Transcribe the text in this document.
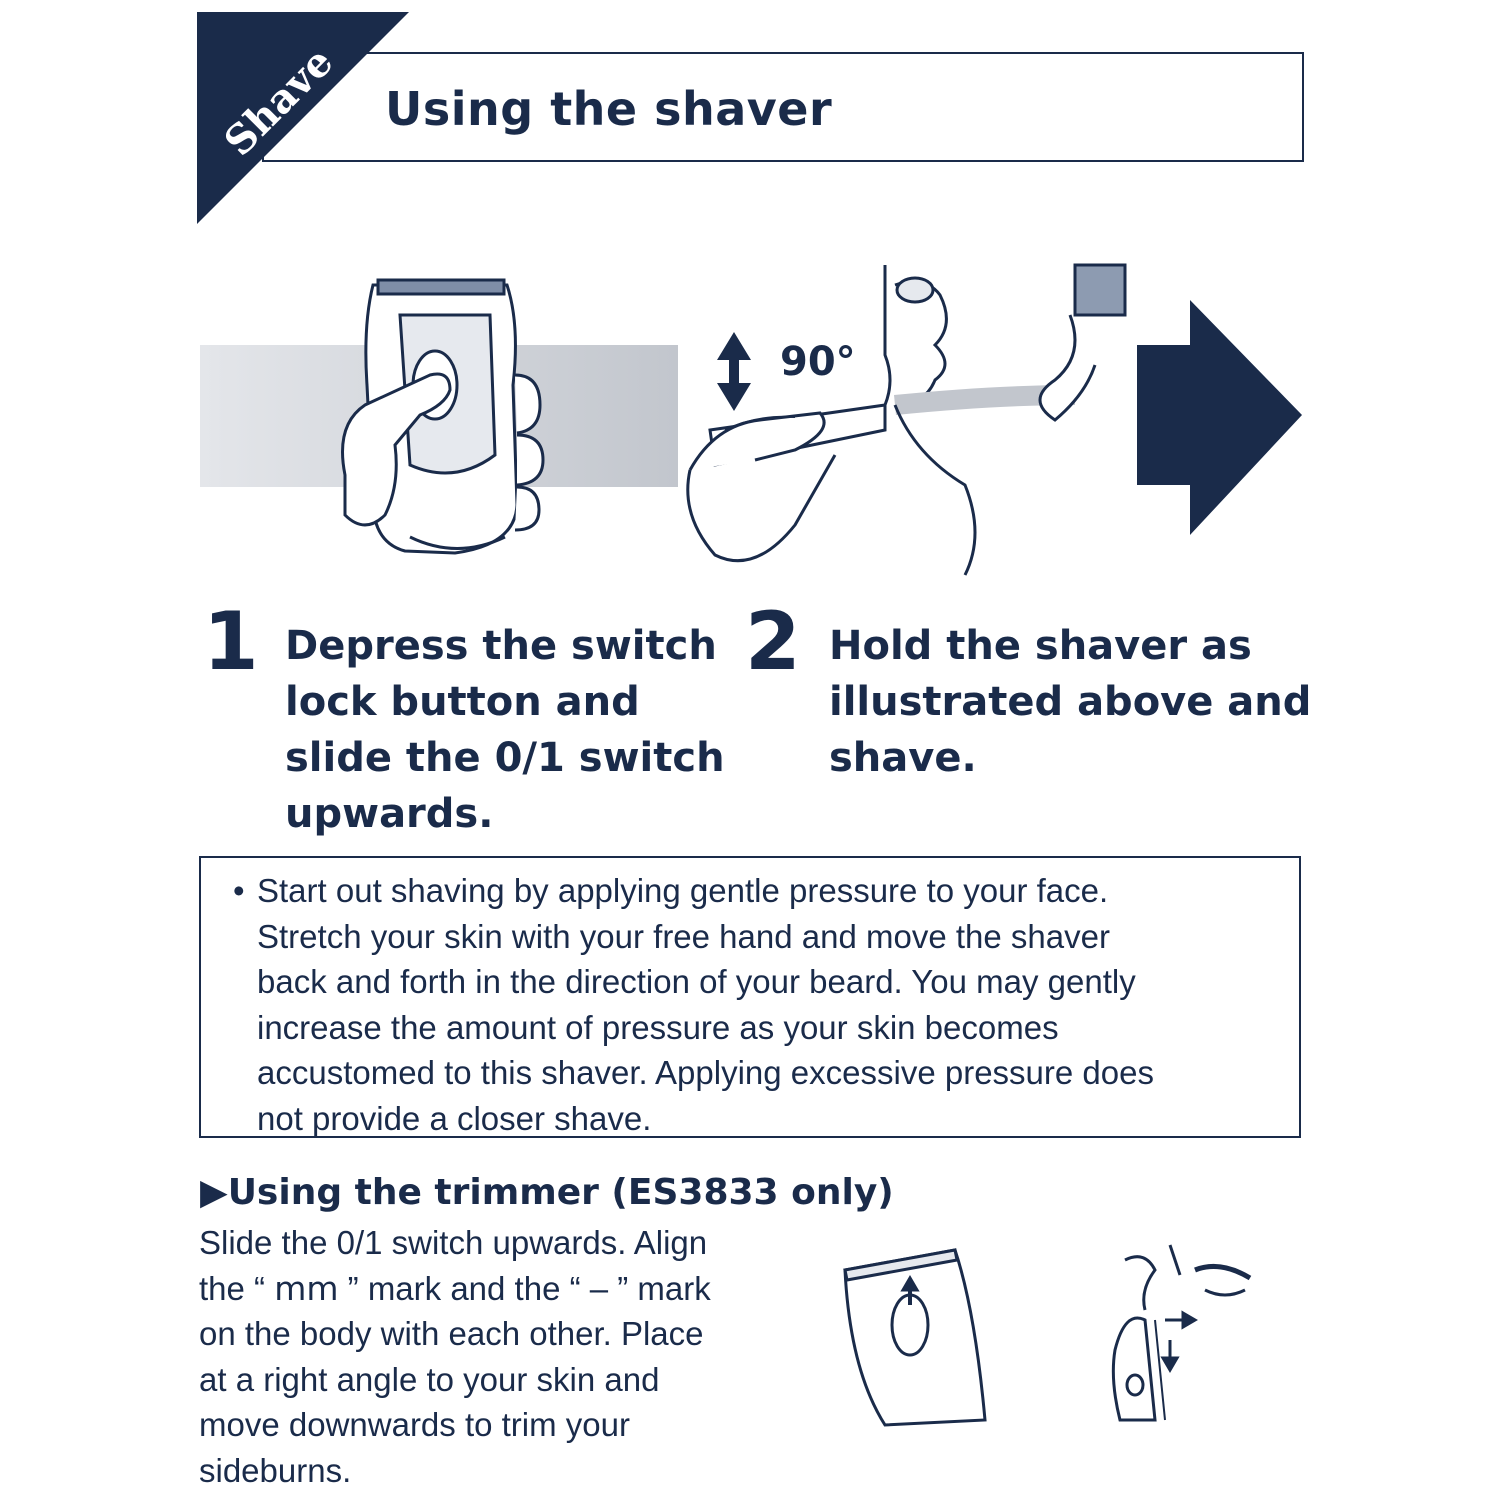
Shave Using the shaver
90°
1 Depress the switch
lock button and
slide the 0/1 switch
upwards.
2 Hold the shaver as
illustrated above and
shave.
• Start out shaving by applying gentle pressure to your face.
Stretch your skin with your free hand and move the shaver
back and forth in the direction of your beard. You may gently
increase the amount of pressure as your skin becomes
accustomed to this shaver. Applying excessive pressure does
not provide a closer shave.
▶Using the trimmer (ES3833 only)
Slide the 0/1 switch upwards. Align
the “ ⅿⅿ ” mark and the “ – ” mark
on the body with each other. Place
at a right angle to your skin and
move downwards to trim your
sideburns.
